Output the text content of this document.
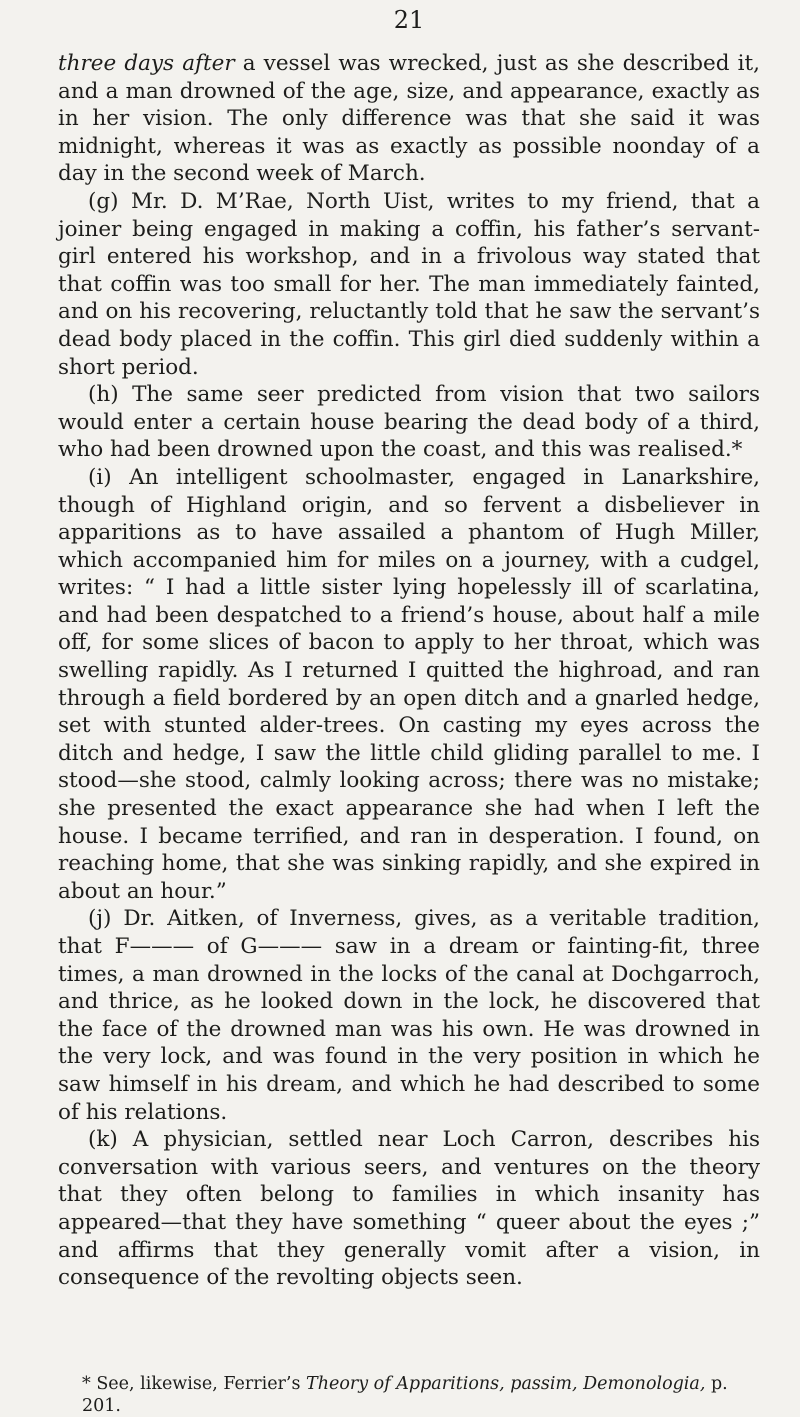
21

three days after a vessel was wrecked, just as she described it, and a man drowned of the age, size, and appearance, exactly as in her vision. The only difference was that she said it was midnight, whereas it was as exactly as possible noonday of a day in the second week of March.

(g) Mr. D. M’Rae, North Uist, writes to my friend, that a joiner being engaged in making a coffin, his father’s servant-girl entered his workshop, and in a frivolous way stated that that coffin was too small for her. The man immediately fainted, and on his recovering, reluctantly told that he saw the servant’s dead body placed in the coffin. This girl died suddenly within a short period.

(h) The same seer predicted from vision that two sailors would enter a certain house bearing the dead body of a third, who had been drowned upon the coast, and this was realised.*

(i) An intelligent schoolmaster, engaged in Lanarkshire, though of Highland origin, and so fervent a disbeliever in apparitions as to have assailed a phantom of Hugh Miller, which accompanied him for miles on a journey, with a cudgel, writes: “ I had a little sister lying hopelessly ill of scarlatina, and had been despatched to a friend’s house, about half a mile off, for some slices of bacon to apply to her throat, which was swelling rapidly. As I returned I quitted the highroad, and ran through a field bordered by an open ditch and a gnarled hedge, set with stunted alder-trees. On casting my eyes across the ditch and hedge, I saw the little child gliding parallel to me. I stood—she stood, calmly looking across; there was no mistake; she presented the exact appearance she had when I left the house. I became terrified, and ran in desperation. I found, on reaching home, that she was sinking rapidly, and she expired in about an hour.”

(j) Dr. Aitken, of Inverness, gives, as a veritable tradition, that F——— of G——— saw in a dream or fainting-fit, three times, a man drowned in the locks of the canal at Dochgarroch, and thrice, as he looked down in the lock, he discovered that the face of the drowned man was his own. He was drowned in the very lock, and was found in the very position in which he saw himself in his dream, and which he had described to some of his relations.

(k) A physician, settled near Loch Carron, describes his conversation with various seers, and ventures on the theory that they often belong to families in which insanity has appeared—that they have something “ queer about the eyes ;” and affirms that they generally vomit after a vision, in consequence of the revolting objects seen.

* See, likewise, Ferrier’s Theory of Apparitions, passim, Demonologia, p. 201.
